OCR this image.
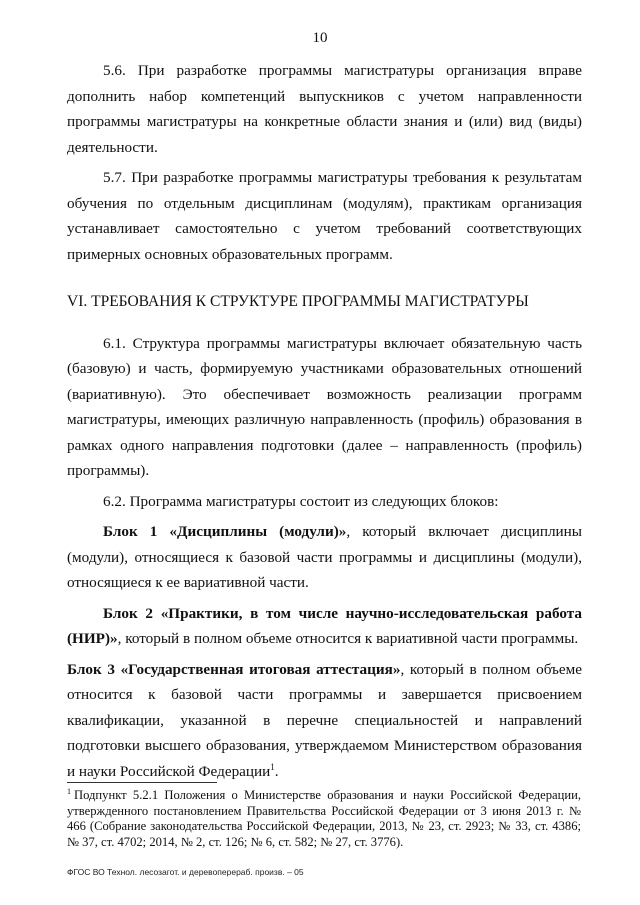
10

5.6. При разработке программы магистратуры организация вправе дополнить набор компетенций выпускников с учетом направленности программы магистратуры на конкретные области знания и (или) вид (виды) деятельности.

5.7. При разработке программы магистратуры требования к результатам обучения по отдельным дисциплинам (модулям), практикам организация устанавливает самостоятельно с учетом требований соответствующих примерных основных образовательных программ.

VI. ТРЕБОВАНИЯ К СТРУКТУРЕ ПРОГРАММЫ МАГИСТРАТУРЫ

6.1. Структура программы магистратуры включает обязательную часть (базовую) и часть, формируемую участниками образовательных отношений (вариативную). Это обеспечивает возможность реализации программ магистратуры, имеющих различную направленность (профиль) образования в рамках одного направления подготовки (далее – направленность (профиль) программы).

6.2. Программа магистратуры состоит из следующих блоков:

Блок 1 «Дисциплины (модули)», который включает дисциплины (модули), относящиеся к базовой части программы и дисциплины (модули), относящиеся к ее вариативной части.

Блок 2 «Практики, в том числе научно-исследовательская работа (НИР)», который в полном объеме относится к вариативной части программы.

Блок 3 «Государственная итоговая аттестация», который в полном объеме относится к базовой части программы и завершается присвоением квалификации, указанной в перечне специальностей и направлений подготовки высшего образования, утверждаемом Министерством образования и науки Российской Федерации$^1$.

$^1$ Подпункт 5.2.1 Положения о Министерстве образования и науки Российской Федерации, утвержденного постановлением Правительства Российской Федерации от 3 июня 2013 г. № 466 (Собрание законодательства Российской Федерации, 2013, № 23, ст. 2923; № 33, ст. 4386; № 37, ст. 4702; 2014, № 2, ст. 126; № 6, ст. 582; № 27, ст. 3776).
ФГОС ВО Технол. лесозагот. и деревоперераб. произв. – 05
